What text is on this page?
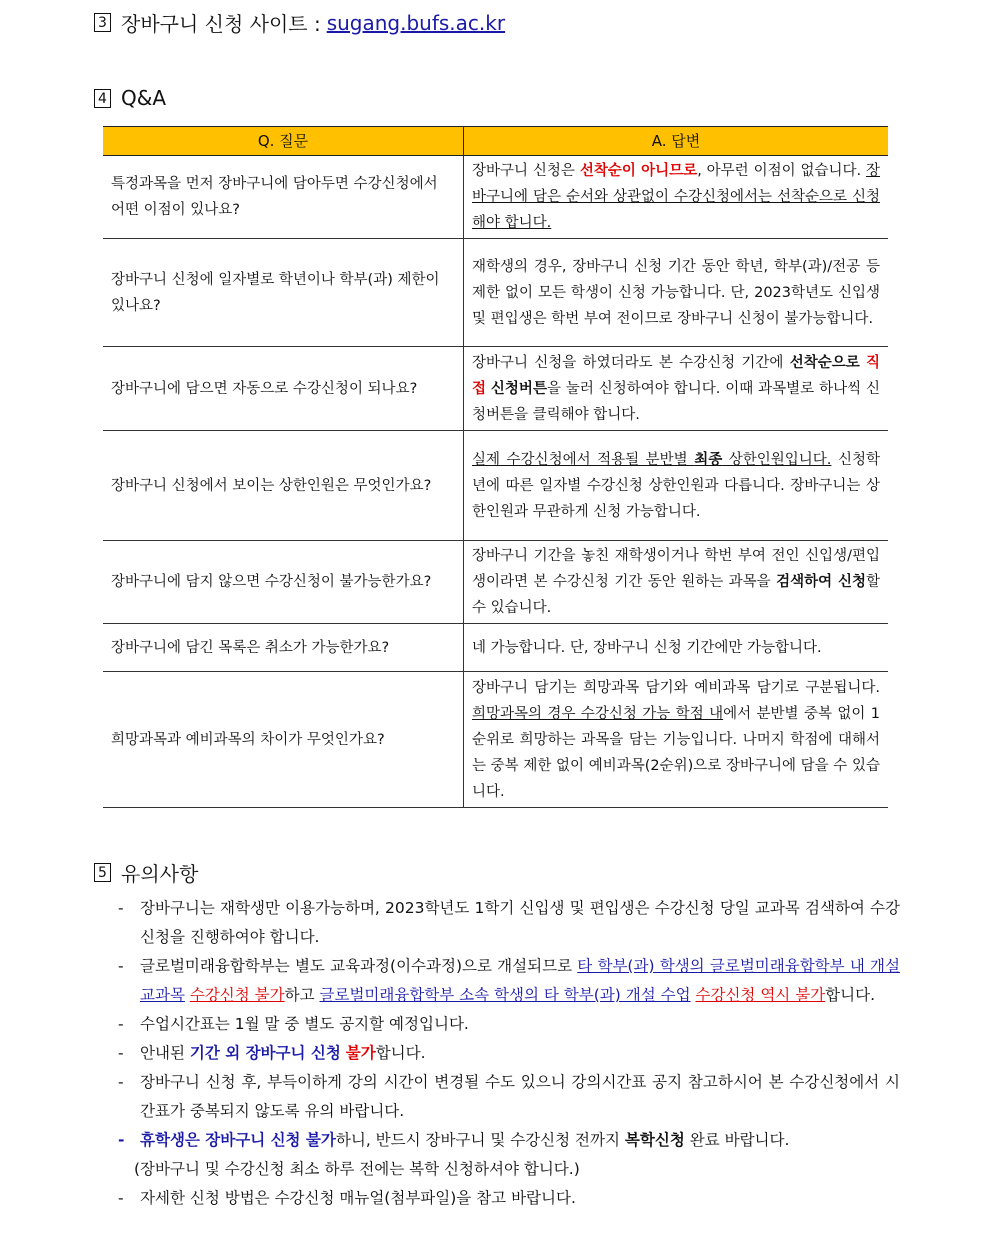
3 장바구니 신청 사이트 : sugang.bufs.ac.kr
4 Q&A
Q. 질문	A. 답변
특정과목을 먼저 장바구니에 담아두면 수강신청에서 어떤 이점이 있나요?	장바구니 신청은 선착순이 아니므로, 아무런 이점이 없습니다. 장바구니에 담은 순서와 상관없이 수강신청에서는 선착순으로 신청해야 합니다.
장바구니 신청에 일자별로 학년이나 학부(과) 제한이 있나요?	재학생의 경우, 장바구니 신청 기간 동안 학년, 학부(과)/전공 등 제한 없이 모든 학생이 신청 가능합니다. 단, 2023학년도 신입생 및 편입생은 학번 부여 전이므로 장바구니 신청이 불가능합니다.
장바구니에 담으면 자동으로 수강신청이 되나요?	장바구니 신청을 하였더라도 본 수강신청 기간에 선착순으로 직접 신청버튼을 눌러 신청하여야 합니다. 이때 과목별로 하나씩 신청버튼을 클릭해야 합니다.
장바구니 신청에서 보이는 상한인원은 무엇인가요?	실제 수강신청에서 적용될 분반별 최종 상한인원입니다. 신청학년에 따른 일자별 수강신청 상한인원과 다릅니다. 장바구니는 상한인원과 무관하게 신청 가능합니다.
장바구니에 담지 않으면 수강신청이 불가능한가요?	장바구니 기간을 놓친 재학생이거나 학번 부여 전인 신입생/편입생이라면 본 수강신청 기간 동안 원하는 과목을 검색하여 신청할 수 있습니다.
장바구니에 담긴 목록은 취소가 가능한가요?	네 가능합니다. 단, 장바구니 신청 기간에만 가능합니다.
희망과목과 예비과목의 차이가 무엇인가요?	장바구니 담기는 희망과목 담기와 예비과목 담기로 구분됩니다. 희망과목의 경우 수강신청 가능 학점 내에서 분반별 중복 없이 1순위로 희망하는 과목을 담는 기능입니다. 나머지 학점에 대해서는 중복 제한 없이 예비과목(2순위)으로 장바구니에 담을 수 있습니다.
5 유의사항
-	장바구니는 재학생만 이용가능하며, 2023학년도 1학기 신입생 및 편입생은 수강신청 당일 교과목 검색하여 수강신청을 진행하여야 합니다.
-	글로벌미래융합학부는 별도 교육과정(이수과정)으로 개설되므로 타 학부(과) 학생의 글로벌미래융합학부 내 개설 교과목 수강신청 불가하고 글로벌미래융합학부 소속 학생의 타 학부(과) 개설 수업 수강신청 역시 불가합니다.
-	수업시간표는 1월 말 중 별도 공지할 예정입니다.
-	안내된 기간 외 장바구니 신청 불가합니다.
-	장바구니 신청 후, 부득이하게 강의 시간이 변경될 수도 있으니 강의시간표 공지 참고하시어 본 수강신청에서 시간표가 중복되지 않도록 유의 바랍니다.
-	휴학생은 장바구니 신청 불가하니, 반드시 장바구니 및 수강신청 전까지 복학신청 완료 바랍니다.
(장바구니 및 수강신청 최소 하루 전에는 복학 신청하셔야 합니다.)
-	자세한 신청 방법은 수강신청 매뉴얼(첨부파일)을 참고 바랍니다.
